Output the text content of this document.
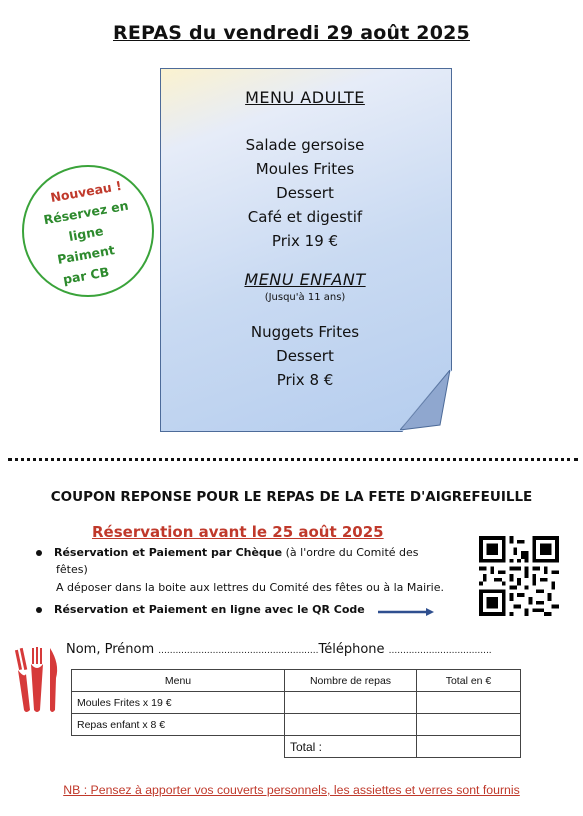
REPAS du vendredi 29 août 2025
MENU ADULTE
Salade gersoise
Moules Frites
Dessert
Café et digestif
Prix 19 €
MENU ENFANT
(Jusqu'à 11 ans)
Nuggets Frites
Dessert
Prix 8 €
Nouveau !
Réservez en
ligne
Paiment
par CB
COUPON REPONSE POUR LE REPAS DE LA FETE D'AIGREFEUILLE
Réservation avant le 25 août 2025
Réservation et Paiement par Chèque (à l'ordre du Comité des
fêtes)
A déposer dans la boite aux lettres du Comité des fêtes ou à la Mairie.
Réservation et Paiement en ligne avec le QR Code
Nom, Prénom ........................................................Téléphone ....................................
Menu	Nombre de repas	Total en €
Moules Frites x 19 €		
Repas enfant x 8 €		
	Total :	
NB : Pensez à apporter vos couverts personnels, les assiettes et verres sont fournis
